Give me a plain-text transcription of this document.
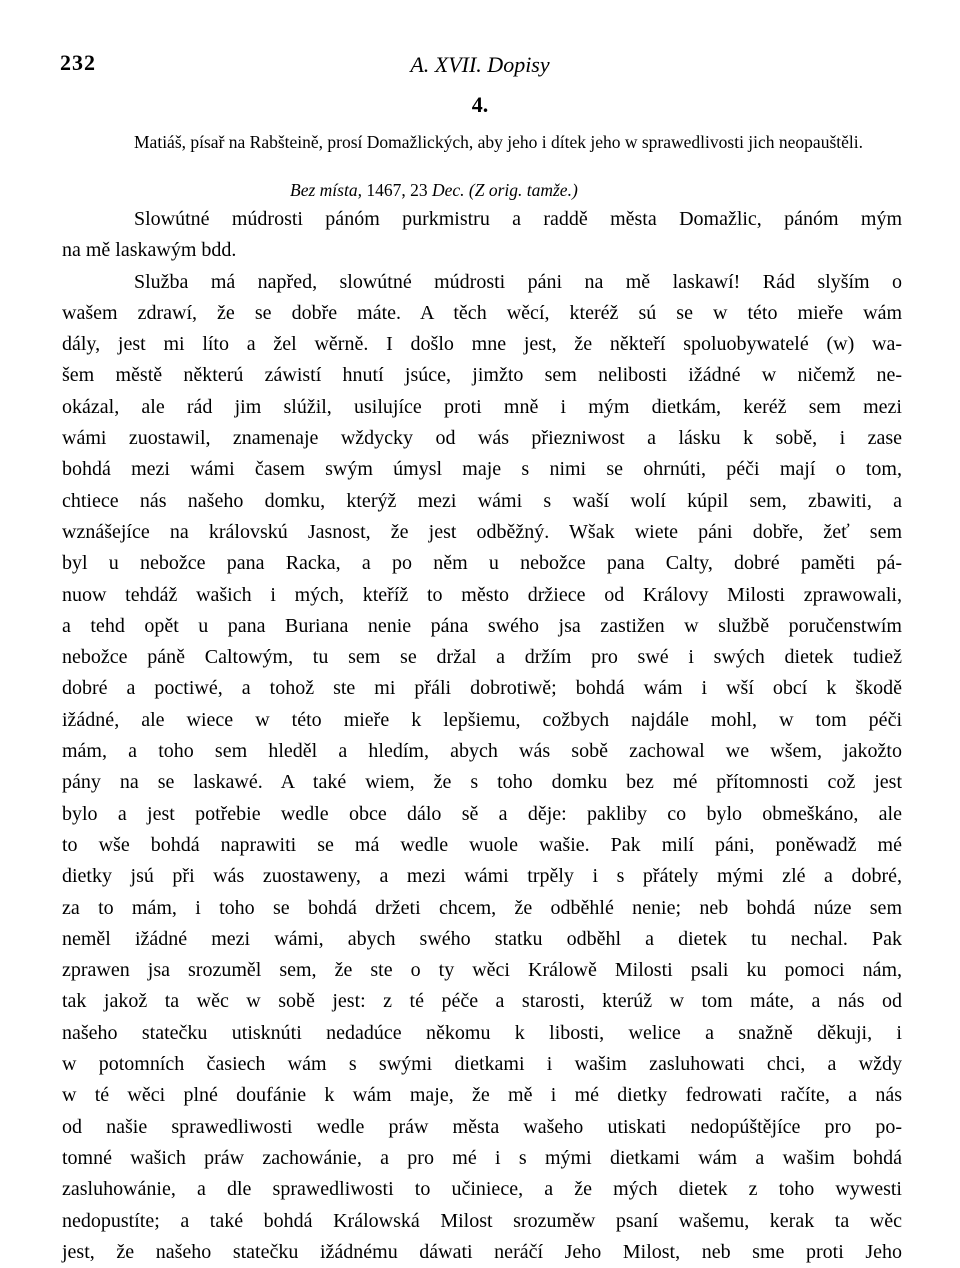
232	A. XVII. Dopisy
4.
Matiáš, písař na Rabšteině, prosí Domažlických, aby jeho i dítek jeho w sprawedlivosti jich neopauštěli.
Bez místa, 1467, 23 Dec. (Z orig. tamže.)
Slowútné múdrosti pánóm purkmistru a raddě města Domažlic, pánóm mým
na mě laskawým bdd.
Služba má napřed, slowútné múdrosti páni na mě laskawí! Rád slyším o
wašem zdrawí, že se dobře máte. A těch wěcí, kteréž sú se w této mieře wám
dály, jest mi líto a žel wěrně. I došlo mne jest, že někteří spoluobywatelé (w) wa-
šem městě některú záwistí hnutí jsúce, jimžto sem nelibosti ižádné w ničemž ne-
okázal, ale rád jim slúžil, usilujíce proti mně i mým dietkám, keréž sem mezi
wámi zuostawil, znamenaje wždycky od wás přiezniwost a lásku k sobě, i zase
bohdá mezi wámi časem swým úmysl maje s nimi se ohrnúti, péči mají o tom,
chtiece nás našeho domku, kterýž mezi wámi s waší wolí kúpil sem, zbawiti, a
wznášejíce na královskú Jasnost, že jest odběžný. Wšak wiete páni dobře, žeť sem
byl u nebožce pana Racka, a po něm u nebožce pana Calty, dobré paměti pá-
nuow tehdáž wašich i mých, kteříž to město držiece od Královy Milosti zprawowali,
a tehd opět u pana Buriana nenie pána swého jsa zastižen w službě poručenstwím
nebožce páně Caltowým, tu sem se držal a držím pro swé i swých dietek tudiež
dobré a poctiwé, a tohož ste mi přáli dobrotiwě; bohdá wám i wší obcí k škodě
ižádné, ale wiece w této mieře k lepšiemu, cožbych najdále mohl, w tom péči
mám, a toho sem hleděl a hledím, abych wás sobě zachowal we wšem, jakožto
pány na se laskawé. A také wiem, že s toho domku bez mé přítomnosti což jest
bylo a jest potřebie wedle obce dálo sě a děje: pakliby co bylo obmeškáno, ale
to wše bohdá naprawiti se má wedle wuole wašie. Pak milí páni, poněwadž mé
dietky jsú při wás zuostaweny, a mezi wámi trpěly i s přátely mými zlé a dobré,
za to mám, i toho se bohdá držeti chcem, že odběhlé nenie; neb bohdá núze sem
neměl ižádné mezi wámi, abych swého statku odběhl a dietek tu nechal. Pak
zprawen jsa srozuměl sem, že ste o ty wěci Králowě Milosti psali ku pomoci nám,
tak jakož ta wěc w sobě jest: z té péče a starosti, kterúž w tom máte, a nás od
našeho statečku utisknúti nedadúce někomu k libosti, welice a snažně děkuji, i
w potomních časiech wám s swými dietkami i wašim zasluhowati chci, a wždy
w té wěci plné doufánie k wám maje, že mě i mé dietky fedrowati račíte, a nás
od našie sprawedliwosti wedle práw města wašeho utiskati nedopúštějíce pro po-
tomné wašich práw zachowánie, a pro mé i s mými dietkami wám a wašim bohdá
zasluhowánie, a dle sprawedliwosti to učiniece, a že mých dietek z toho wywesti
nedopustíte; a také bohdá Králowská Milost srozuměw psaní wašemu, kerak ta wěc
jest, že našeho statečku ižádnému dáwati neráčí Jeho Milost, neb sme proti Jeho
